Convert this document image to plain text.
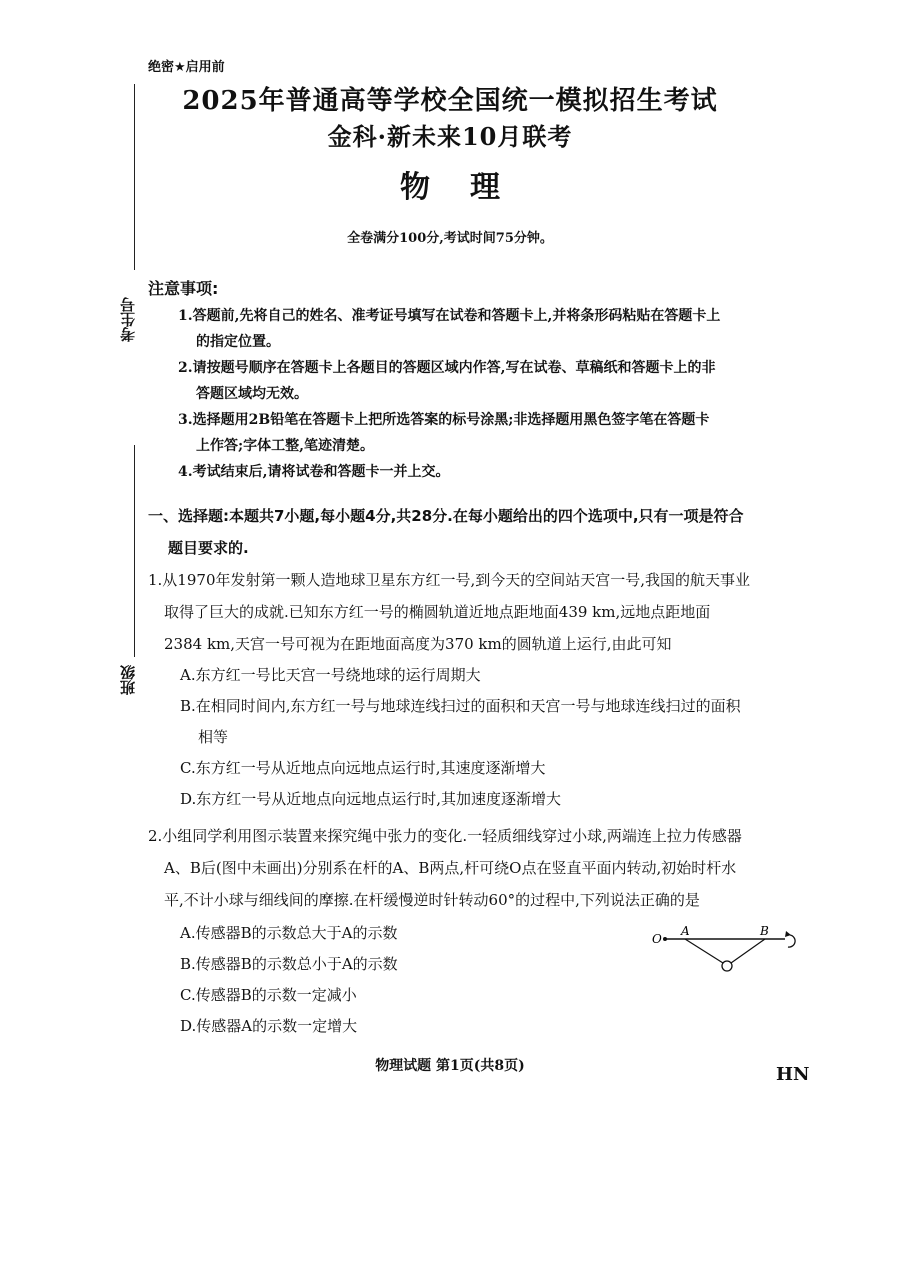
绝密★启用前
考生号
班级
2025年普通高等学校全国统一模拟招生考试
金科·新未来10月联考
物理
全卷满分100分,考试时间75分钟。
注意事项:
1.答题前,先将自己的姓名、准考证号填写在试卷和答题卡上,并将条形码粘贴在答题卡上
的指定位置。
2.请按题号顺序在答题卡上各题目的答题区域内作答,写在试卷、草稿纸和答题卡上的非
答题区域均无效。
3.选择题用2B铅笔在答题卡上把所选答案的标号涂黑;非选择题用黑色签字笔在答题卡
上作答;字体工整,笔迹清楚。
4.考试结束后,请将试卷和答题卡一并上交。
一、选择题:本题共7小题,每小题4分,共28分.在每小题给出的四个选项中,只有一项是符合
题目要求的.
1.从1970年发射第一颗人造地球卫星东方红一号,到今天的空间站天宫一号,我国的航天事业
取得了巨大的成就.已知东方红一号的椭圆轨道近地点距地面439 km,远地点距地面
2384 km,天宫一号可视为在距地面高度为370 km的圆轨道上运行,由此可知
A.东方红一号比天宫一号绕地球的运行周期大
B.在相同时间内,东方红一号与地球连线扫过的面积和天宫一号与地球连线扫过的面积
相等
C.东方红一号从近地点向远地点运行时,其速度逐渐增大
D.东方红一号从近地点向远地点运行时,其加速度逐渐增大
2.小组同学利用图示装置来探究绳中张力的变化.一轻质细线穿过小球,两端连上拉力传感器
A、B后(图中未画出)分别系在杆的A、B两点,杆可绕O点在竖直平面内转动,初始时杆水
平,不计小球与细线间的摩擦.在杆缓慢逆时针转动60°的过程中,下列说法正确的是
A.传感器B的示数总大于A的示数
B.传感器B的示数总小于A的示数
C.传感器B的示数一定减小
D.传感器A的示数一定增大
O
A	B
物理试题 第1页(共8页)	HN
